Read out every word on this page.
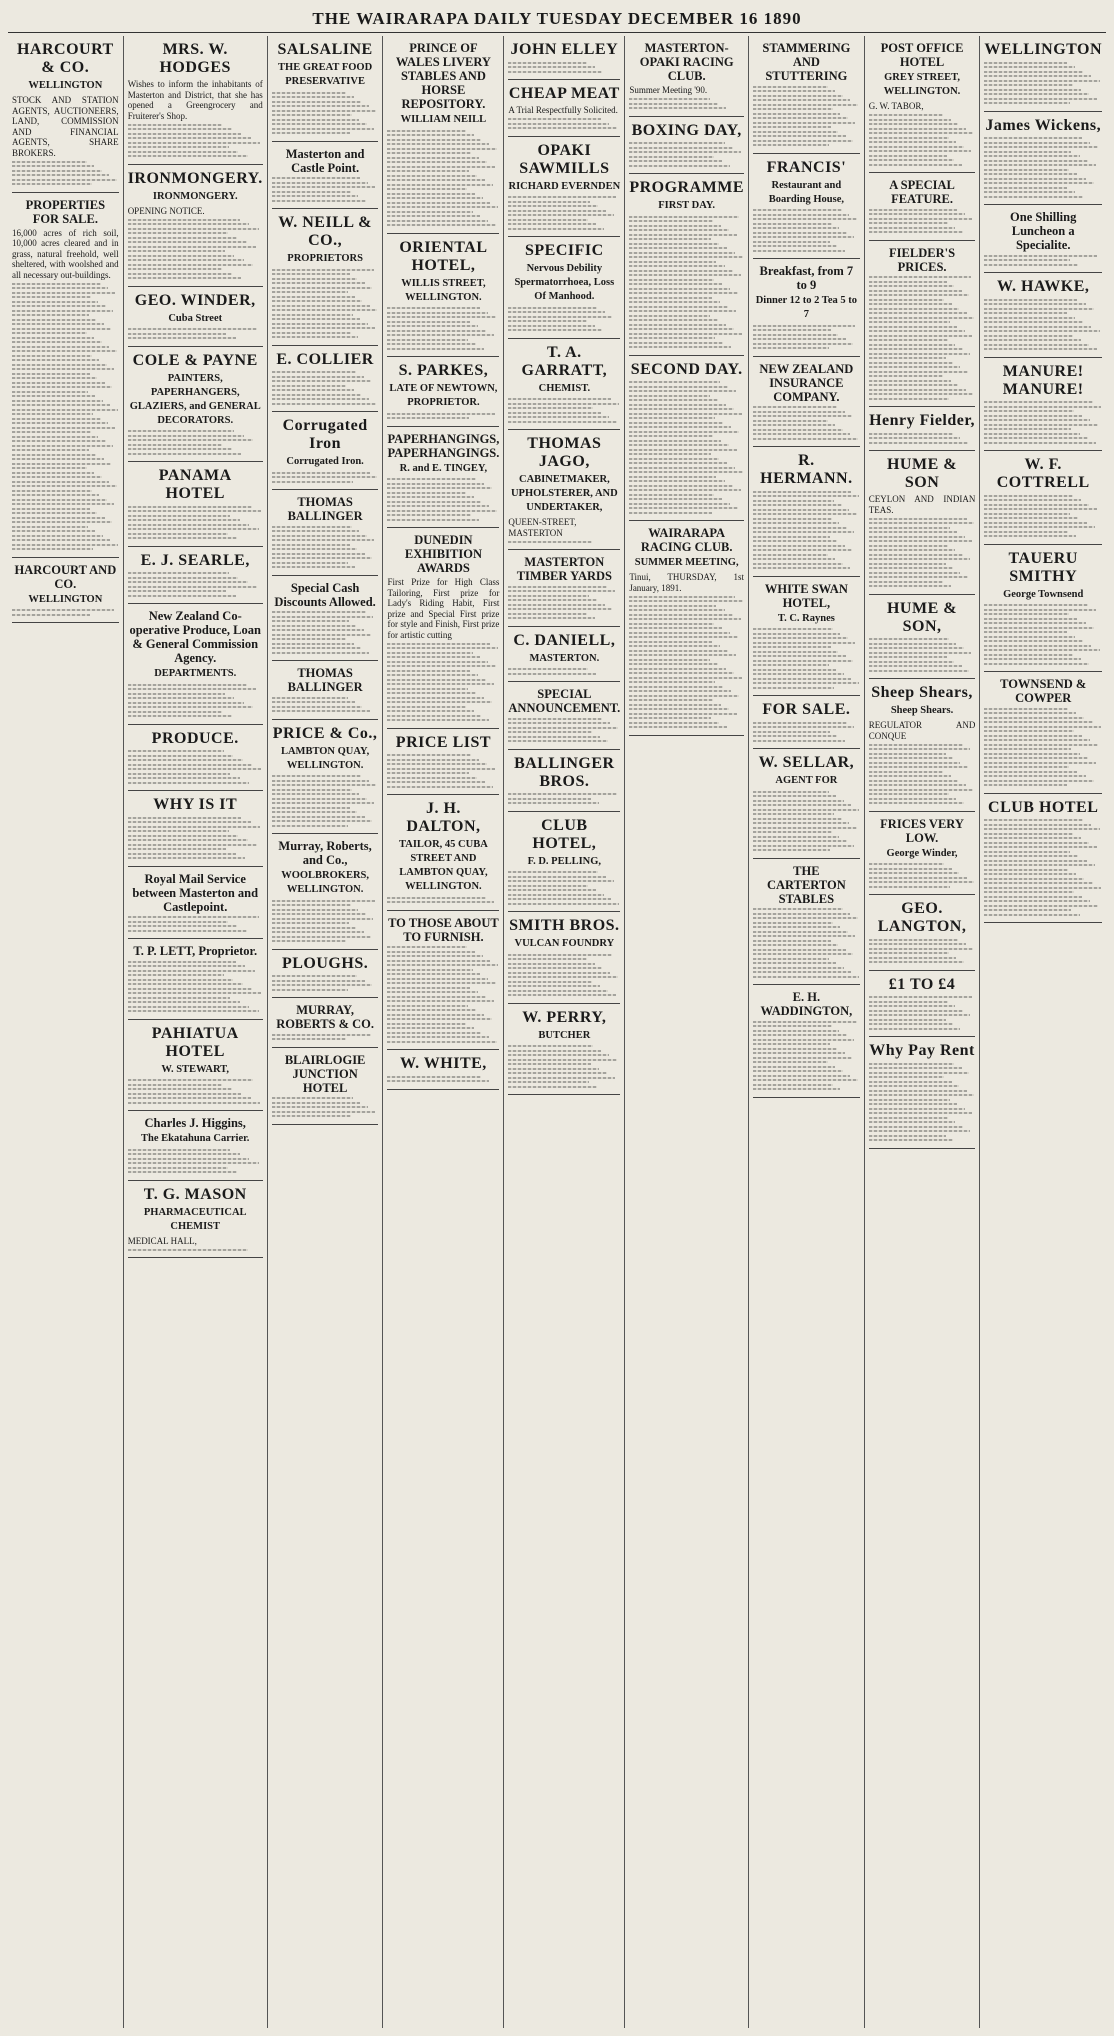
THE WAIRARAPA DAILY TUESDAY DECEMBER 16 1890
HARCOURT & CO.
WELLINGTON
STOCK AND STATION AGENTS, AUCTIONEERS, LAND, COMMISSION AND FINANCIAL AGENTS, SHARE BROKERS.
PROPERTIES FOR SALE.
16,000 acres of rich soil, 10,000 acres cleared and in grass, natural freehold, well sheltered, with woolshed and all necessary out-buildings.
HARCOURT AND CO.
WELLINGTON
MRS. W. HODGES
Wishes to inform the inhabitants of Masterton and District, that she has opened a Greengrocery and Fruiterer's Shop.
IRONMONGERY.
IRONMONGERY.
OPENING NOTICE.
GEO. WINDER,
Cuba Street
COLE & PAYNE
PAINTERS, PAPERHANGERS, GLAZIERS, and GENERAL DECORATORS.
PANAMA HOTEL
E. J. SEARLE,
New Zealand Co-operative Produce, Loan & General Commission Agency.
DEPARTMENTS.
PRODUCE.
WHY IS IT
Royal Mail Service between Masterton and Castlepoint.
T. P. LETT, Proprietor.
PAHIATUA HOTEL
W. STEWART,
Charles J. Higgins,
The Ekatahuna Carrier.
T. G. MASON
PHARMACEUTICAL CHEMIST
MEDICAL HALL,
SALSALINE
THE GREAT FOOD PRESERVATIVE
Masterton and Castle Point.
W. NEILL & CO.,
PROPRIETORS
E. COLLIER
Corrugated Iron
Corrugated Iron.
THOMAS BALLINGER
Special Cash Discounts Allowed.
THOMAS BALLINGER
PRICE & Co.,
LAMBTON QUAY, WELLINGTON.
Murray, Roberts, and Co.,
WOOLBROKERS, WELLINGTON.
PLOUGHS.
MURRAY, ROBERTS & CO.
BLAIRLOGIE JUNCTION HOTEL
PRINCE OF WALES LIVERY STABLES AND HORSE REPOSITORY.
WILLIAM NEILL
ORIENTAL HOTEL,
WILLIS STREET, WELLINGTON.
S. PARKES,
LATE OF NEWTOWN, PROPRIETOR.
PAPERHANGINGS, PAPERHANGINGS.
R. and E. TINGEY,
DUNEDIN EXHIBITION AWARDS
First Prize for High Class Tailoring, First prize for Lady's Riding Habit, First prize and Special First prize for style and Finish, First prize for artistic cutting
PRICE LIST
J. H. DALTON,
TAILOR, 45 CUBA STREET AND LAMBTON QUAY, WELLINGTON.
TO THOSE ABOUT TO FURNISH.
W. WHITE,
JOHN ELLEY
CHEAP MEAT
A Trial Respectfully Solicited.
OPAKI SAWMILLS
RICHARD EVERNDEN
SPECIFIC
Nervous Debility Spermatorrhoea, Loss Of Manhood.
T. A. GARRATT,
CHEMIST.
THOMAS JAGO,
CABINETMAKER, UPHOLSTERER, AND UNDERTAKER,
QUEEN-STREET, MASTERTON
MASTERTON TIMBER YARDS
C. DANIELL,
MASTERTON.
SPECIAL ANNOUNCEMENT.
BALLINGER BROS.
CLUB HOTEL,
F. D. PELLING,
SMITH BROS.
VULCAN FOUNDRY
W. PERRY,
BUTCHER
MASTERTON-OPAKI RACING CLUB.
Summer Meeting '90.
BOXING DAY,
PROGRAMME
FIRST DAY.
SECOND DAY.
WAIRARAPA RACING CLUB.
SUMMER MEETING,
Tinui, THURSDAY, 1st January, 1891.
STAMMERING AND STUTTERING
FRANCIS'
Restaurant and Boarding House,
Breakfast, from 7 to 9
Dinner 12 to 2 Tea 5 to 7
NEW ZEALAND INSURANCE COMPANY.
R. HERMANN.
WHITE SWAN HOTEL,
T. C. Raynes
FOR SALE.
W. SELLAR,
AGENT FOR
THE CARTERTON STABLES
E. H. WADDINGTON,
POST OFFICE HOTEL
GREY STREET, WELLINGTON.
G. W. TABOR,
A SPECIAL FEATURE.
FIELDER'S PRICES.
Henry Fielder,
HUME & SON
CEYLON AND INDIAN TEAS.
HUME & SON,
Sheep Shears,
Sheep Shears.
REGULATOR AND CONQUE
FRICES VERY LOW.
George Winder,
GEO. LANGTON,
£1 TO £4
Why Pay Rent
WELLINGTON
James Wickens,
One Shilling Luncheon a Specialite.
W. HAWKE,
MANURE! MANURE!
W. F. COTTRELL
TAUERU SMITHY
George Townsend
TOWNSEND & COWPER
CLUB HOTEL
